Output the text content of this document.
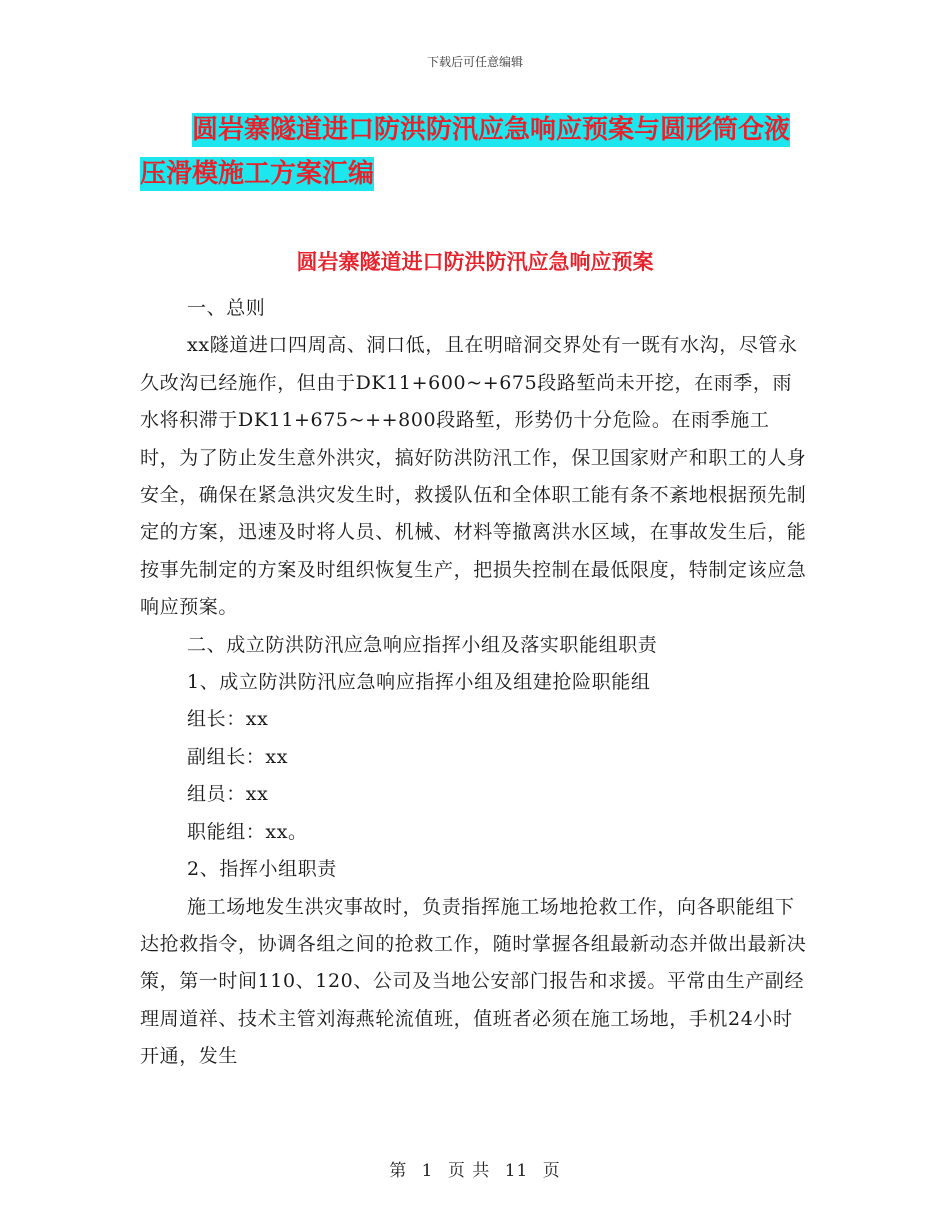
下载后可任意编辑
圆岩寨隧道进口防洪防汛应急响应预案与圆形筒仓液
压滑模施工方案汇编
圆岩寨隧道进口防洪防汛应急响应预案

一、总则

xx隧道进口四周高、洞口低，且在明暗洞交界处有一既有水沟，尽管永久改沟已经施作，但由于DK11+600~+675段路堑尚未开挖，在雨季，雨水将积滞于DK11+675~++800段路堑，形势仍十分危险。在雨季施工时，为了防止发生意外洪灾，搞好防洪防汛工作，保卫国家财产和职工的人身安全，确保在紧急洪灾发生时，救援队伍和全体职工能有条不紊地根据预先制定的方案，迅速及时将人员、机械、材料等撤离洪水区域，在事故发生后，能按事先制定的方案及时组织恢复生产，把损失控制在最低限度，特制定该应急响应预案。

二、成立防洪防汛应急响应指挥小组及落实职能组职责

1、成立防洪防汛应急响应指挥小组及组建抢险职能组

组长：xx

副组长：xx

组员：xx

职能组：xx。

2、指挥小组职责

施工场地发生洪灾事故时，负责指挥施工场地抢救工作，向各职能组下达抢救指令，协调各组之间的抢救工作，随时掌握各组最新动态并做出最新决策，第一时间110、120、公司及当地公安部门报告和求援。平常由生产副经理周道祥、技术主管刘海燕轮流值班，值班者必须在施工场地，手机24小时开通，发生

第 1 页 共 11 页
